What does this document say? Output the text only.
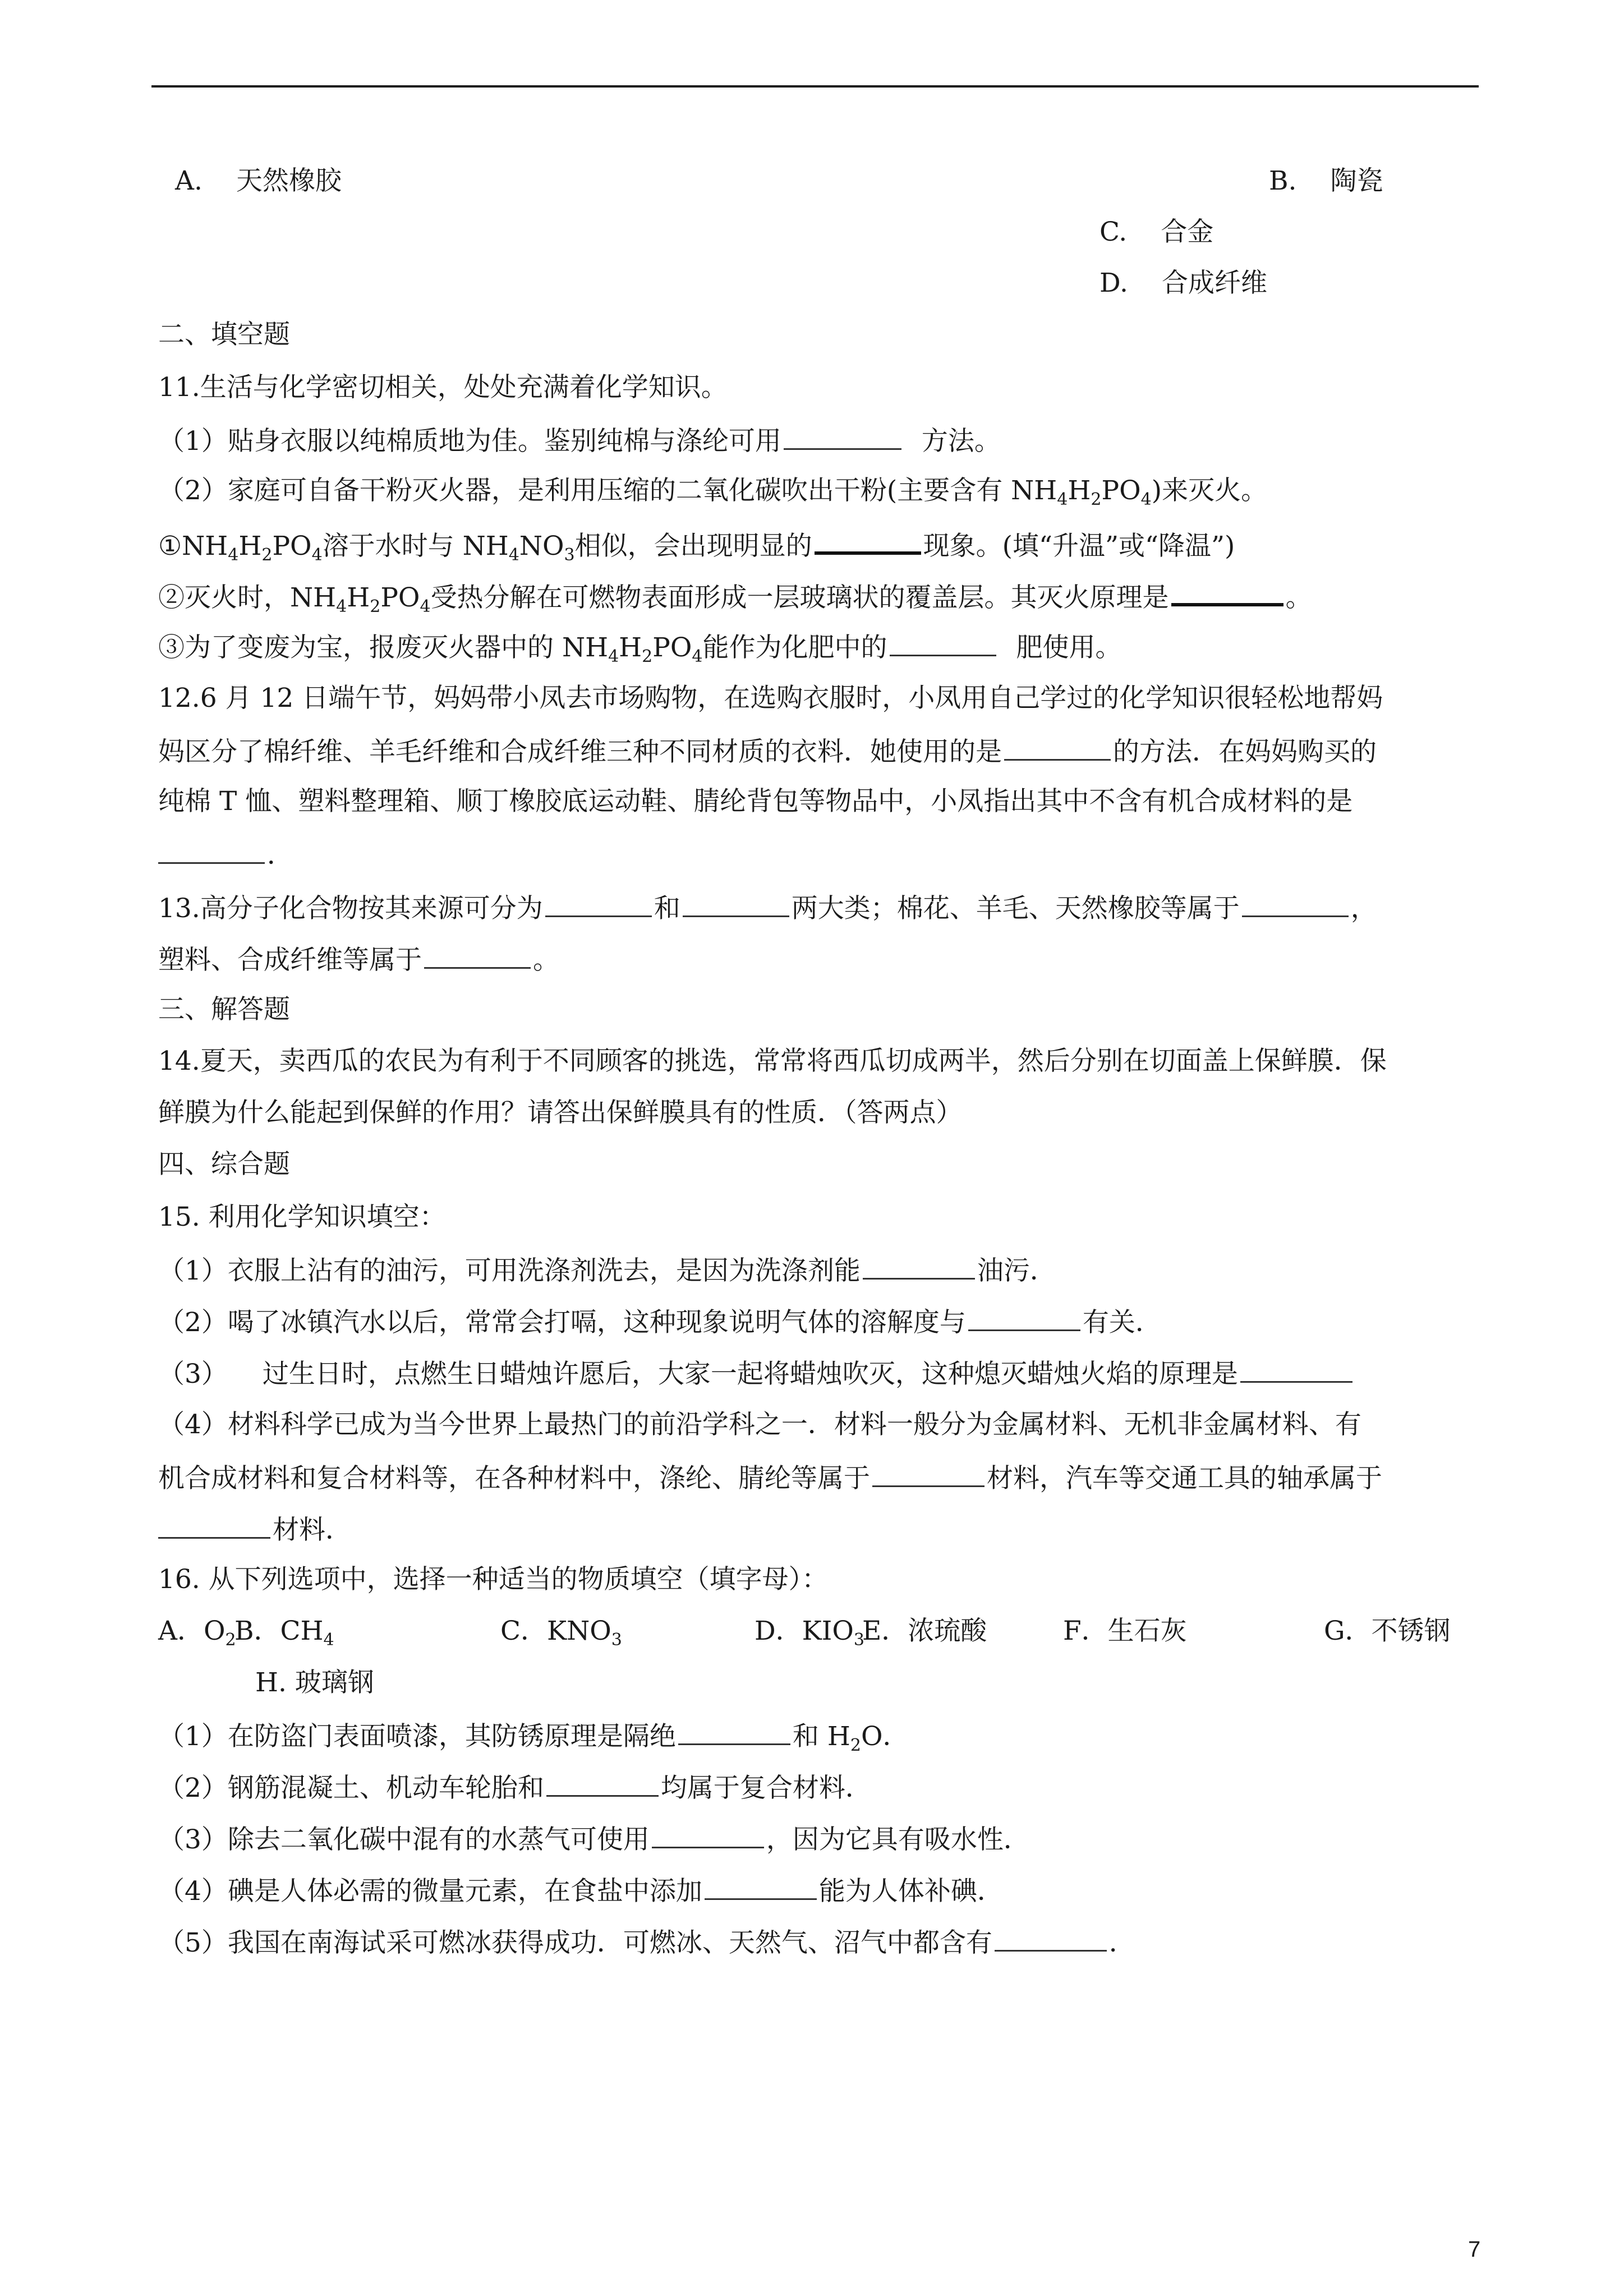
A. 天然橡胶	B. 陶瓷
C. 合金
D. 合成纤维
二、填空题
11.生活与化学密切相关，处处充满着化学知识。
（1）贴身衣服以纯棉质地为佳。鉴别纯棉与涤纶可用	方法。
（2）家庭可自备干粉灭火器，是利用压缩的二氧化碳吹出干粉(主要含有 $NH_4H_2PO_4$)来灭火。
$①NH_4H_2PO_4$溶于水时与 $NH_4NO_3$相似，会出现明显的	现象。(填“升温”或“降温”)
②灭火时，$NH_4H_2PO_4$受热分解在可燃物表面形成一层玻璃状的覆盖层。其灭火原理是	。
③为了变废为宝，报废灭火器中的 $NH_4H_2PO_4$能作为化肥中的	肥使用。
12.6 月 12 日端午节，妈妈带小凤去市场购物，在选购衣服时，小凤用自己学过的化学知识很轻松地帮妈
妈区分了棉纤维、羊毛纤维和合成纤维三种不同材质的衣料．她使用的是	的方法．在妈妈购买的
纯棉 T 恤、塑料整理箱、顺丁橡胶底运动鞋、腈纶背包等物品中，小凤指出其中不含有机合成材料的是
．
13.高分子化合物按其来源可分为	和	两大类；棉花、羊毛、天然橡胶等属于	，
塑料、合成纤维等属于	。
三、解答题
14.夏天，卖西瓜的农民为有利于不同顾客的挑选，常常将西瓜切成两半，然后分别在切面盖上保鲜膜．保
鲜膜为什么能起到保鲜的作用？请答出保鲜膜具有的性质．（答两点）
四、综合题
15. 利用化学知识填空：
（1）衣服上沾有的油污，可用洗涤剂洗去，是因为洗涤剂能	油污．
（2）喝了冰镇汽水以后，常常会打嗝，这种现象说明气体的溶解度与	有关．
（3） 过生日时，点燃生日蜡烛许愿后，大家一起将蜡烛吹灭，这种熄灭蜡烛火焰的原理是
（4）材料科学已成为当今世界上最热门的前沿学科之一．材料一般分为金属材料、无机非金属材料、有
机合成材料和复合材料等，在各种材料中，涤纶、腈纶等属于	材料，汽车等交通工具的轴承属于
材料．
16. 从下列选项中，选择一种适当的物质填空（填字母）：
A．$O_2$
B．$CH_4$	C．$KNO_3$	D．$KIO_3$
E．浓琉酸	F．生石灰	G．不锈钢
H. 玻璃钢
（1）在防盗门表面喷漆，其防锈原理是隔绝	和 $H_2O$．
（2）钢筋混凝土、机动车轮胎和	均属于复合材料．
（3）除去二氧化碳中混有的水蒸气可使用	，因为它具有吸水性．
（4）碘是人体必需的微量元素，在食盐中添加	能为人体补碘．
（5）我国在南海试采可燃冰获得成功．可燃冰、天然气、沼气中都含有	．
7
